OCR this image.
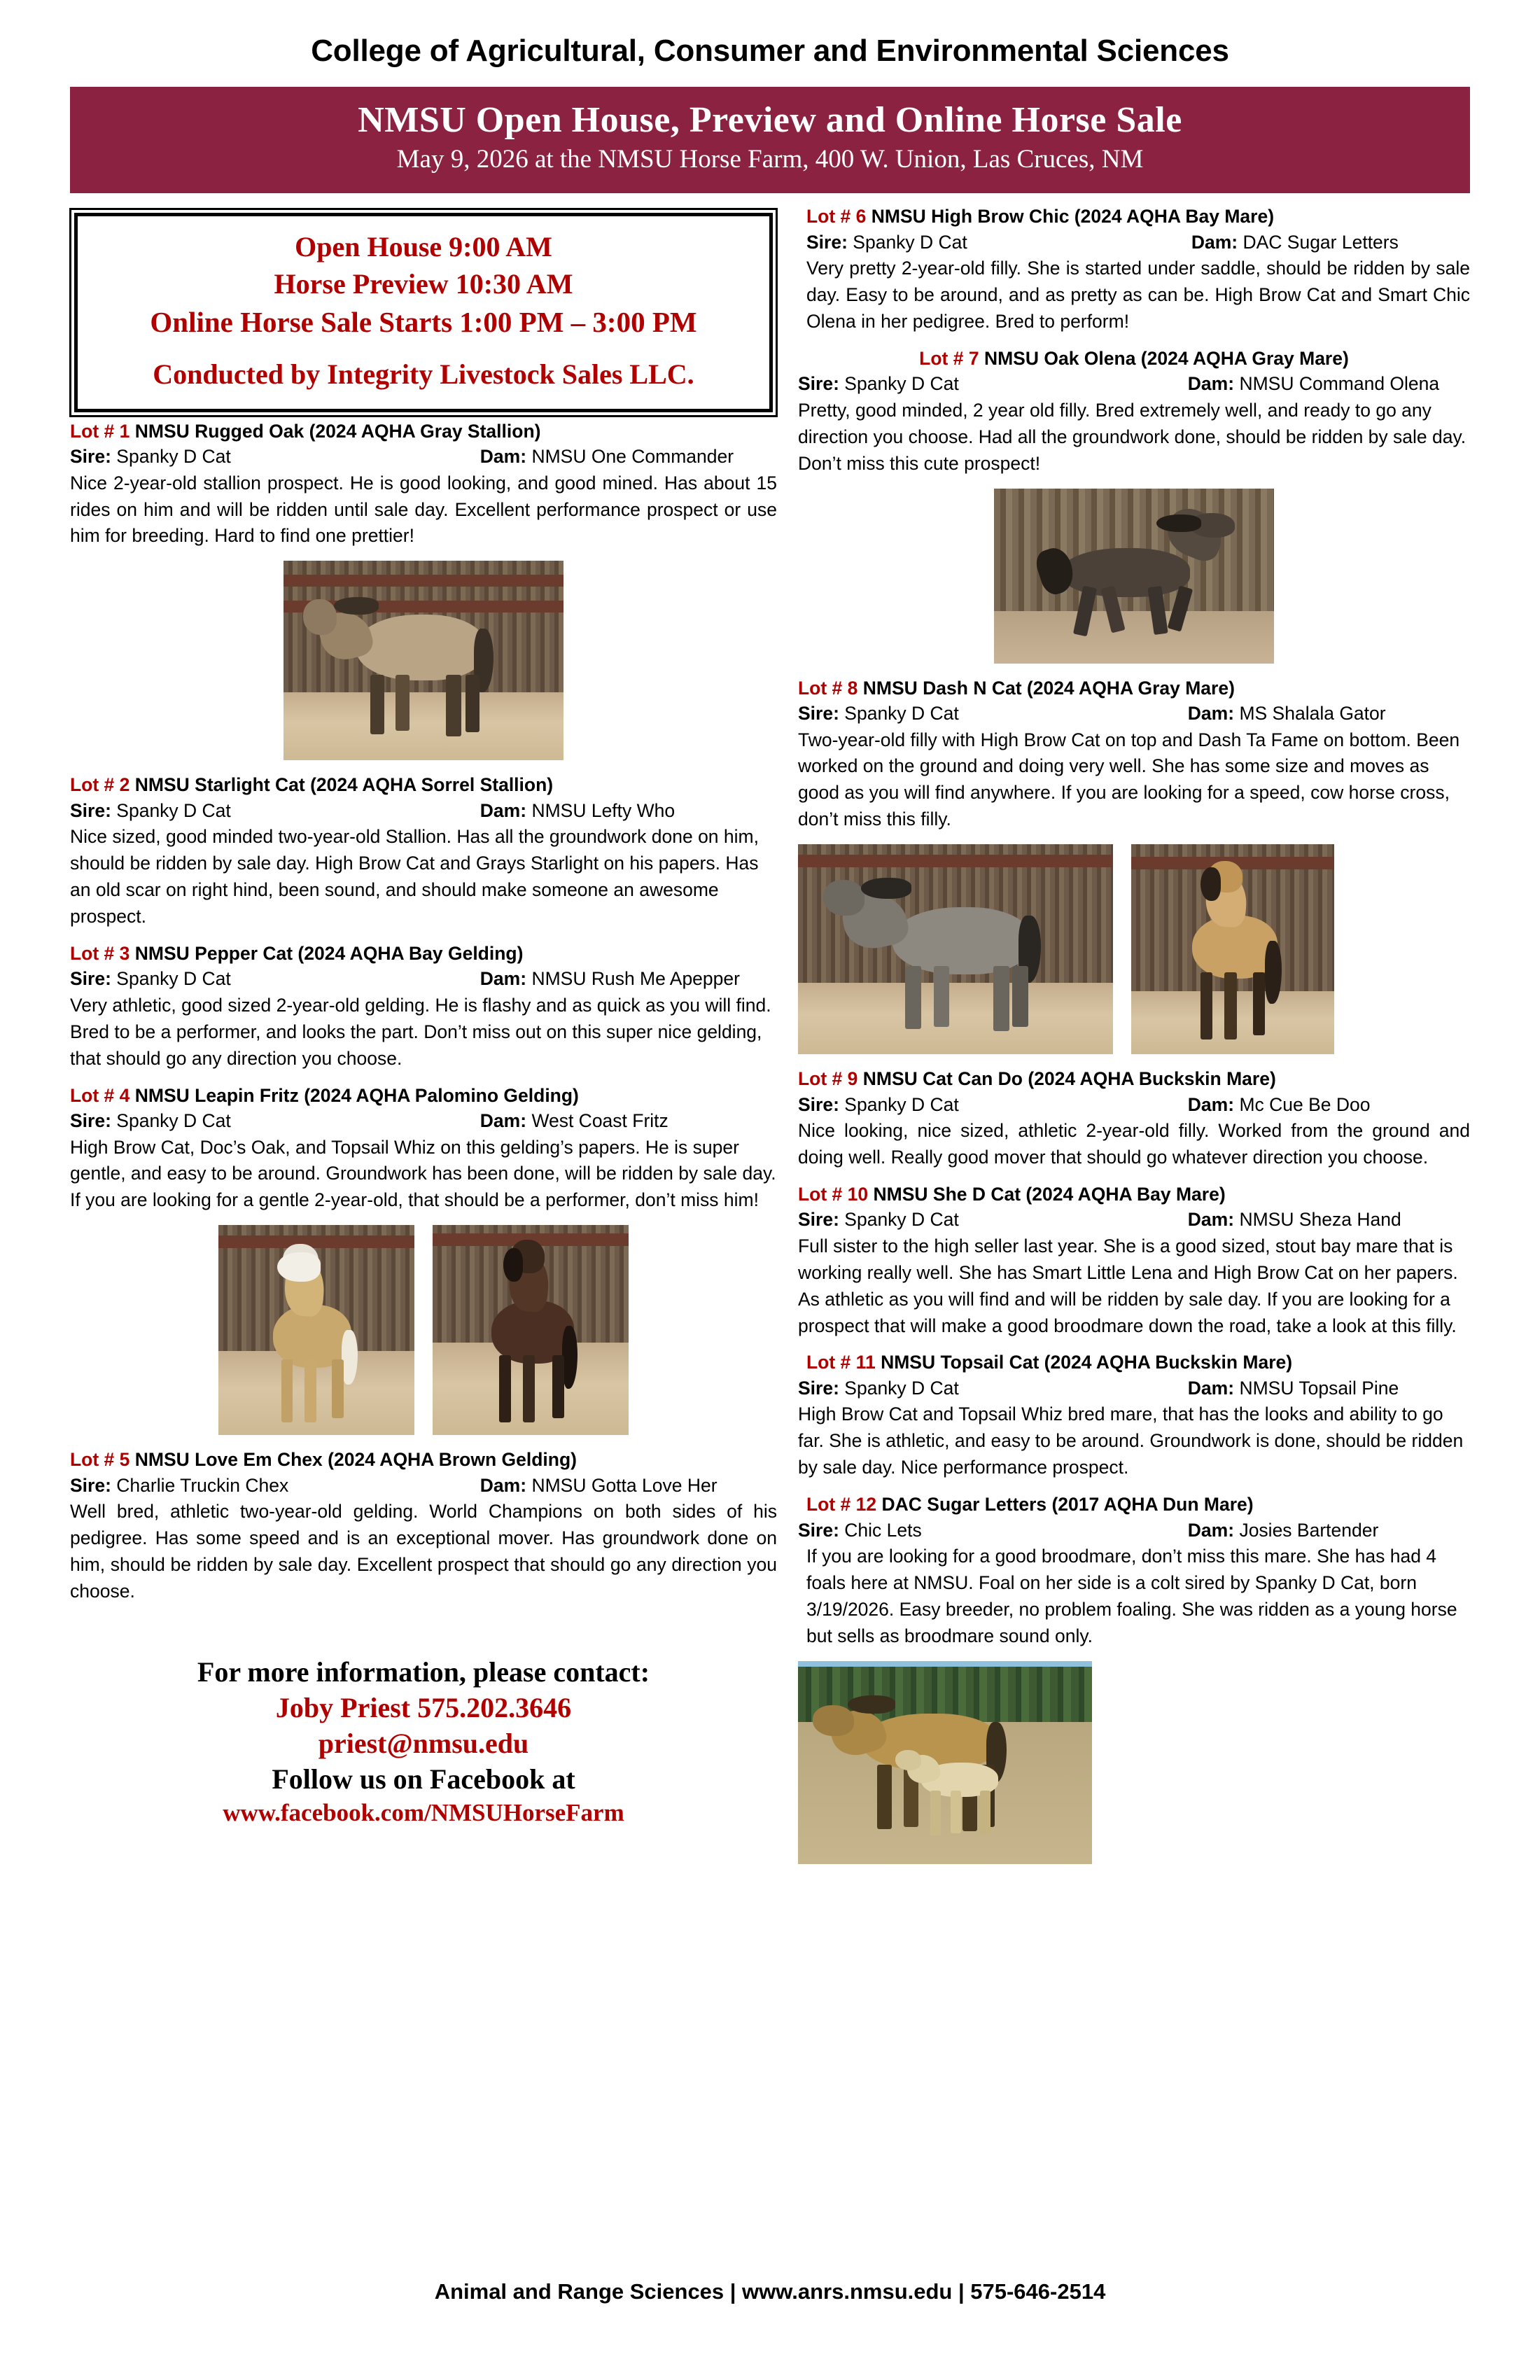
College of Agricultural, Consumer and Environmental Sciences
NMSU Open House, Preview and Online Horse Sale
May 9, 2026 at the NMSU Horse Farm, 400 W. Union, Las Cruces, NM
Open House 9:00 AM
Horse Preview 10:30 AM
Online Horse Sale Starts 1:00 PM – 3:00 PM
Conducted by Integrity Livestock Sales LLC.
Lot # 1 NMSU Rugged Oak (2024 AQHA Gray Stallion)
Sire: Spanky D Cat	Dam: NMSU One Commander
Nice 2-year-old stallion prospect. He is good looking, and good mined. Has about 15 rides on him and will be ridden until sale day. Excellent performance prospect or use him for breeding. Hard to find one prettier!
Lot # 2 NMSU Starlight Cat (2024 AQHA Sorrel Stallion)
Sire: Spanky D Cat	Dam: NMSU Lefty Who
Nice sized, good minded two-year-old Stallion. Has all the groundwork done on him, should be ridden by sale day. High Brow Cat and Grays Starlight on his papers. Has an old scar on right hind, been sound, and should make someone an awesome prospect.
Lot # 3 NMSU Pepper Cat (2024 AQHA Bay Gelding)
Sire: Spanky D Cat	Dam: NMSU Rush Me Apepper
Very athletic, good sized 2-year-old gelding. He is flashy and as quick as you will find. Bred to be a performer, and looks the part. Don’t miss out on this super nice gelding, that should go any direction you choose.
Lot # 4 NMSU Leapin Fritz (2024 AQHA Palomino Gelding)
Sire: Spanky D Cat	Dam: West Coast Fritz
High Brow Cat, Doc’s Oak, and Topsail Whiz on this gelding’s papers. He is super gentle, and easy to be around. Groundwork has been done, will be ridden by sale day. If you are looking for a gentle 2-year-old, that should be a performer, don’t miss him!
Lot # 5 NMSU Love Em Chex (2024 AQHA Brown Gelding)
Sire: Charlie Truckin Chex	Dam: NMSU Gotta Love Her
Well bred, athletic two-year-old gelding. World Champions on both sides of his pedigree. Has some speed and is an exceptional mover. Has groundwork done on him, should be ridden by sale day. Excellent prospect that should go any direction you choose.
For more information, please contact:
Joby Priest 575.202.3646
priest@nmsu.edu
Follow us on Facebook at
www.facebook.com/NMSUHorseFarm
Lot # 6 NMSU High Brow Chic (2024 AQHA Bay Mare)
Sire: Spanky D Cat	Dam: DAC Sugar Letters
Very pretty 2-year-old filly. She is started under saddle, should be ridden by sale day. Easy to be around, and as pretty as can be. High Brow Cat and Smart Chic Olena in her pedigree. Bred to perform!
Lot # 7 NMSU Oak Olena (2024 AQHA Gray Mare)
Sire: Spanky D Cat	Dam: NMSU Command Olena
Pretty, good minded, 2 year old filly. Bred extremely well, and ready to go any direction you choose. Had all the groundwork done, should be ridden by sale day. Don’t miss this cute prospect!
Lot # 8 NMSU Dash N Cat (2024 AQHA Gray Mare)
Sire: Spanky D Cat	Dam: MS Shalala Gator
Two-year-old filly with High Brow Cat on top and Dash Ta Fame on bottom. Been worked on the ground and doing very well. She has some size and moves as good as you will find anywhere. If you are looking for a speed, cow horse cross, don’t miss this filly.
Lot # 9 NMSU Cat Can Do (2024 AQHA Buckskin Mare)
Sire: Spanky D Cat	Dam: Mc Cue Be Doo
Nice looking, nice sized, athletic 2-year-old filly. Worked from the ground and doing well. Really good mover that should go whatever direction you choose.
Lot # 10 NMSU She D Cat (2024 AQHA Bay Mare)
Sire: Spanky D Cat	Dam: NMSU Sheza Hand
Full sister to the high seller last year. She is a good sized, stout bay mare that is working really well. She has Smart Little Lena and High Brow Cat on her papers. As athletic as you will find and will be ridden by sale day. If you are looking for a prospect that will make a good broodmare down the road, take a look at this filly.
Lot # 11 NMSU Topsail Cat (2024 AQHA Buckskin Mare)
Sire: Spanky D Cat	Dam: NMSU Topsail Pine
High Brow Cat and Topsail Whiz bred mare, that has the looks and ability to go far. She is athletic, and easy to be around. Groundwork is done, should be ridden by sale day. Nice performance prospect.
Lot # 12 DAC Sugar Letters (2017 AQHA Dun Mare)
Sire: Chic Lets	Dam: Josies Bartender
If you are looking for a good broodmare, don’t miss this mare. She has had 4 foals here at NMSU. Foal on her side is a colt sired by Spanky D Cat, born 3/19/2026. Easy breeder, no problem foaling. She was ridden as a young horse but sells as broodmare sound only.
Animal and Range Sciences | www.anrs.nmsu.edu | 575-646-2514
